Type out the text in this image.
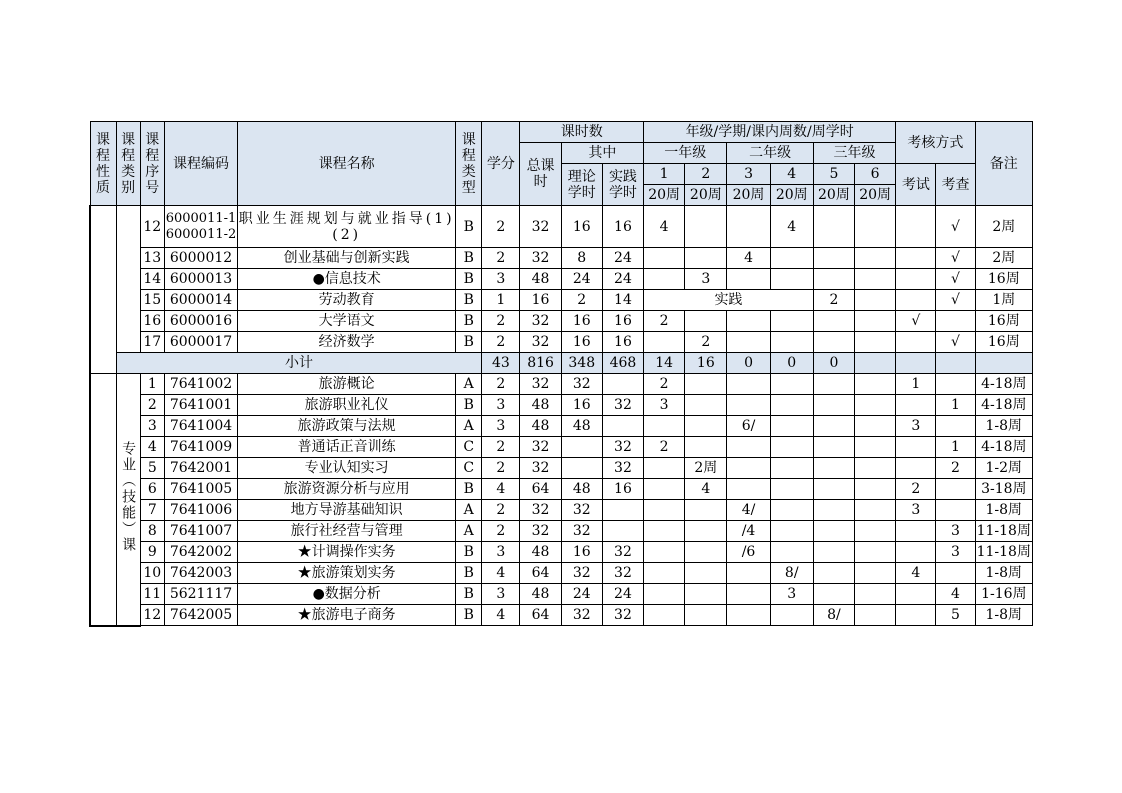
课程性质	课程类别	课程序号	课程编码	课程名称	课程类型	学分	课时数			年级/学期/课内周数/周学时						考核方式		备注
							总课时	其中		一年级		二年级		三年级				
								理论学时	实践学时	1	2	3	4	5	6	考试	考查	
										20周	20周	20周	20周	20周	20周			
		12	6000011-1 6000011-2	职业生涯规划与就业指导(1)(2)	B	2	32	16	16	4			4				√	2周
		13	6000012	创业基础与创新实践	B	2	32	8	24			4					√	2周
		14	6000013	●信息技术	B	3	48	24	24		3						√	16周
		15	6000014	劳动教育	B	1	16	2	14	实践				2			√	1周
		16	6000016	大学语文	B	2	32	16	16	2						√		16周
		17	6000017	经济数学	B	2	32	16	16		2						√	16周
	小计					43	816	348	468	14	16	0	0	0				
	专业（技能）课	1	7641002	旅游概论	A	2	32	32		2						1		4-18周
		2	7641001	旅游职业礼仪	B	3	48	16	32	3							1	4-18周
		3	7641004	旅游政策与法规	A	3	48	48				6/				3		1-8周
		4	7641009	普通话正音训练	C	2	32		32	2							1	4-18周
		5	7642001	专业认知实习	C	2	32		32		2周						2	1-2周
		6	7641005	旅游资源分析与应用	B	4	64	48	16		4					2		3-18周
		7	7641006	地方导游基础知识	A	2	32	32				4/				3		1-8周
		8	7641007	旅行社经营与管理	A	2	32	32				/4					3	11-18周
		9	7642002	★计调操作实务	B	3	48	16	32			/6					3	11-18周
		10	7642003	★旅游策划实务	B	4	64	32	32				8/			4		1-8周
		11	5621117	●数据分析	B	3	48	24	24				3				4	1-16周
		12	7642005	★旅游电子商务	B	4	64	32	32					8/			5	1-8周
